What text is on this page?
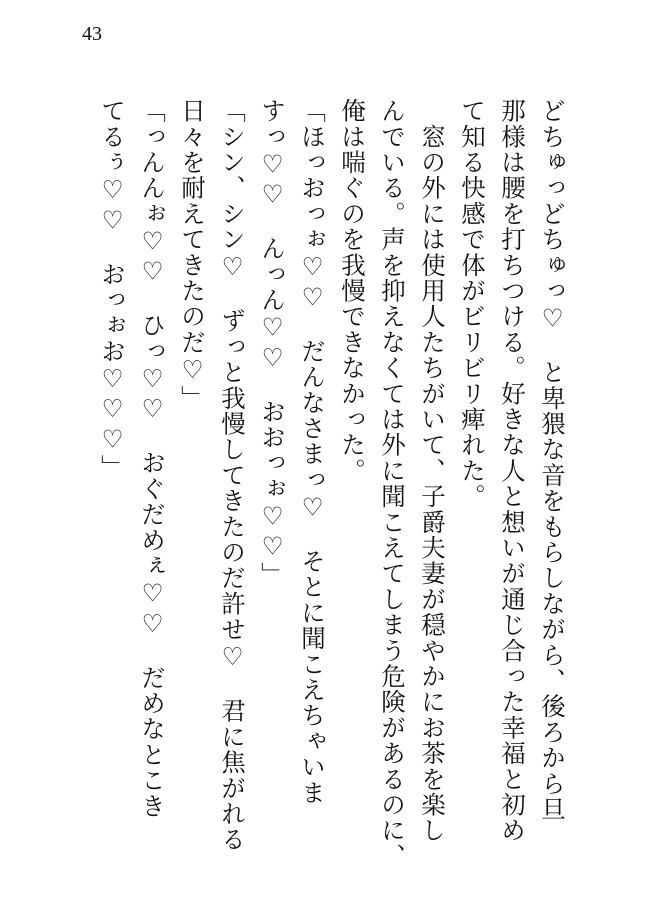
43
どちゅっどちゅっ♡　と卑猥な音をもらしながら、後ろから旦
那様は腰を打ちつける。好きな人と想いが通じ合った幸福と初め
て知る快感で体がビリビリ痺れた。
　窓の外には使用人たちがいて、子爵夫妻が穏やかにお茶を楽し
んでいる。声を抑えなくては外に聞こえてしまう危険があるのに、
俺は喘ぐのを我慢できなかった。
「ほっおっぉ♡♡　だんなさまっ♡　そとに聞こえちゃいま
すっ♡♡　んっん♡♡　おおっぉ♡♡」
「シン、シン♡　ずっと我慢してきたのだ許せ♡　君に焦がれる
日々を耐えてきたのだ♡」
「っんんぉ♡♡　ひっ♡♡　おぐだめぇ♡♡　だめなとこき
てるぅ♡♡　おっぉお♡♡♡」
